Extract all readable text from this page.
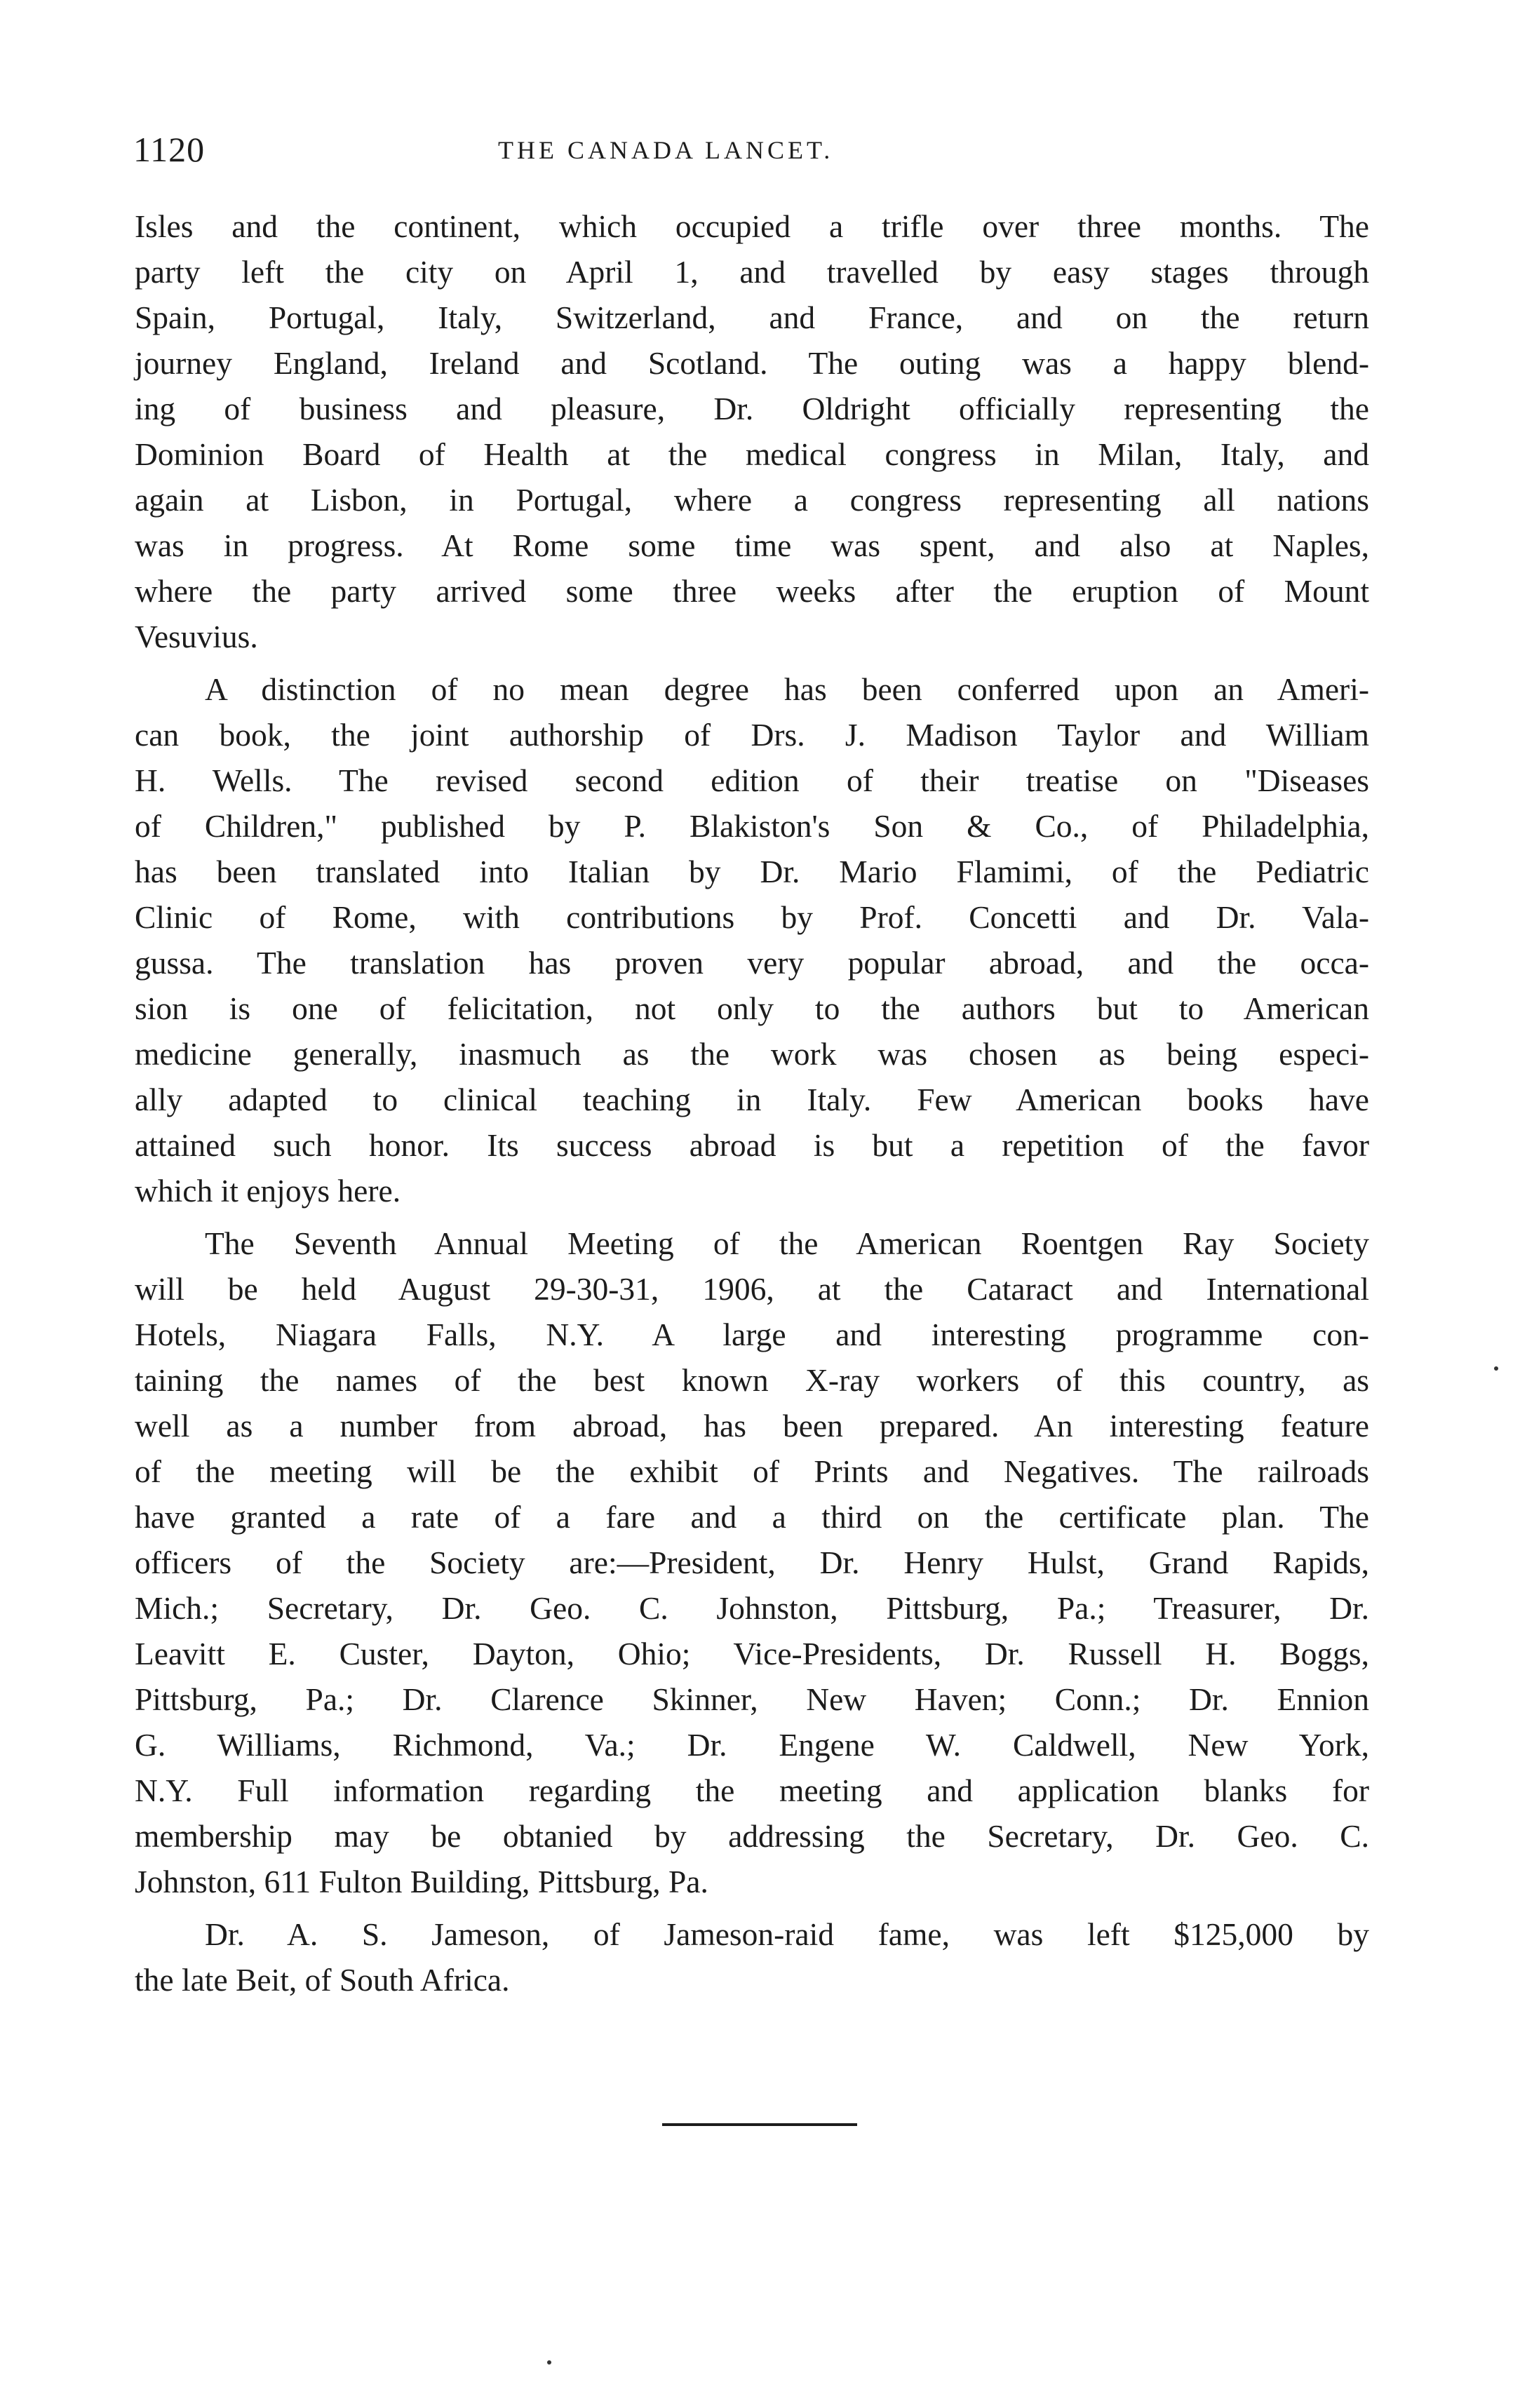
1120	THE CANADA LANCET.

Isles and the continent, which occupied a trifle over three months. The
party left the city on April 1, and travelled by easy stages through
Spain, Portugal, Italy, Switzerland, and France, and on the return
journey England, Ireland and Scotland. The outing was a happy blend-
ing of business and pleasure, Dr. Oldright officially representing the
Dominion Board of Health at the medical congress in Milan, Italy, and
again at Lisbon, in Portugal, where a congress representing all nations
was in progress. At Rome some time was spent, and also at Naples,
where the party arrived some three weeks after the eruption of Mount
Vesuvius.

A distinction of no mean degree has been conferred upon an Ameri-
can book, the joint authorship of Drs. J. Madison Taylor and William
H. Wells. The revised second edition of their treatise on "Diseases
of Children," published by P. Blakiston's Son & Co., of Philadelphia,
has been translated into Italian by Dr. Mario Flamimi, of the Pediatric
Clinic of Rome, with contributions by Prof. Concetti and Dr. Vala-
gussa. The translation has proven very popular abroad, and the occa-
sion is one of felicitation, not only to the authors but to American
medicine generally, inasmuch as the work was chosen as being especi-
ally adapted to clinical teaching in Italy. Few American books have
attained such honor. Its success abroad is but a repetition of the favor
which it enjoys here.

The Seventh Annual Meeting of the American Roentgen Ray Society
will be held August 29-30-31, 1906, at the Cataract and International
Hotels, Niagara Falls, N.Y. A large and interesting programme con-
taining the names of the best known X-ray workers of this country, as
well as a number from abroad, has been prepared. An interesting feature
of the meeting will be the exhibit of Prints and Negatives. The railroads
have granted a rate of a fare and a third on the certificate plan. The
officers of the Society are:—President, Dr. Henry Hulst, Grand Rapids,
Mich.; Secretary, Dr. Geo. C. Johnston, Pittsburg, Pa.; Treasurer, Dr.
Leavitt E. Custer, Dayton, Ohio; Vice-Presidents, Dr. Russell H. Boggs,
Pittsburg, Pa.; Dr. Clarence Skinner, New Haven; Conn.; Dr. Ennion
G. Williams, Richmond, Va.; Dr. Engene W. Caldwell, New York,
N.Y. Full information regarding the meeting and application blanks for
membership may be obtanied by addressing the Secretary, Dr. Geo. C.
Johnston, 611 Fulton Building, Pittsburg, Pa.

Dr. A. S. Jameson, of Jameson-raid fame, was left $125,000 by
the late Beit, of South Africa.
